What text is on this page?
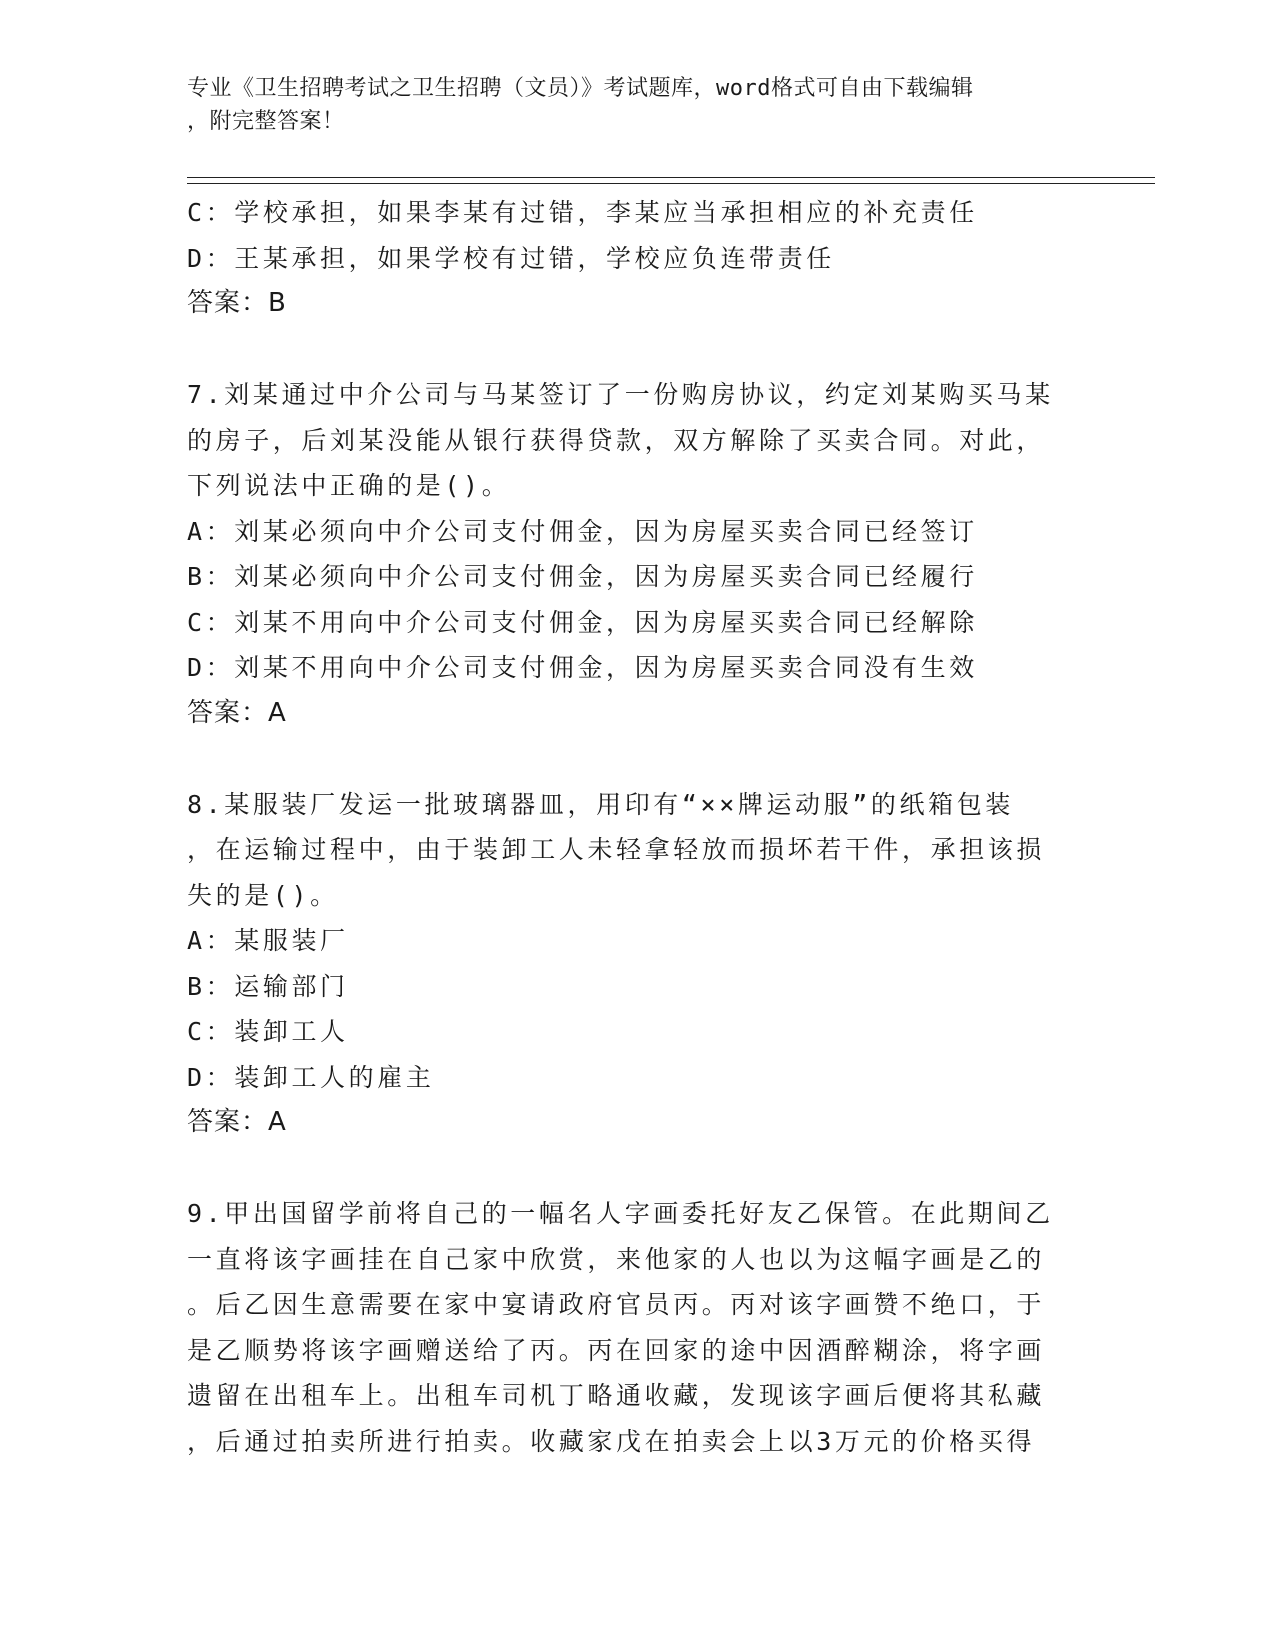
专业《卫生招聘考试之卫生招聘（文员）》考试题库，word格式可自由下载编辑
，附完整答案！
C：学校承担，如果李某有过错，李某应当承担相应的补充责任
D：王某承担，如果学校有过错，学校应负连带责任
答案：B
7.刘某通过中介公司与马某签订了一份购房协议，约定刘某购买马某
的房子，后刘某没能从银行获得贷款，双方解除了买卖合同。对此，
下列说法中正确的是()。
A：刘某必须向中介公司支付佣金，因为房屋买卖合同已经签订
B：刘某必须向中介公司支付佣金，因为房屋买卖合同已经履行
C：刘某不用向中介公司支付佣金，因为房屋买卖合同已经解除
D：刘某不用向中介公司支付佣金，因为房屋买卖合同没有生效
答案：A
8.某服装厂发运一批玻璃器皿，用印有“××牌运动服”的纸箱包装
，在运输过程中，由于装卸工人未轻拿轻放而损坏若干件，承担该损
失的是()。
A：某服装厂
B：运输部门
C：装卸工人
D：装卸工人的雇主
答案：A
9.甲出国留学前将自己的一幅名人字画委托好友乙保管。在此期间乙
一直将该字画挂在自己家中欣赏，来他家的人也以为这幅字画是乙的
。后乙因生意需要在家中宴请政府官员丙。丙对该字画赞不绝口，于
是乙顺势将该字画赠送给了丙。丙在回家的途中因酒醉糊涂，将字画
遗留在出租车上。出租车司机丁略通收藏，发现该字画后便将其私藏
，后通过拍卖所进行拍卖。收藏家戊在拍卖会上以3万元的价格买得
